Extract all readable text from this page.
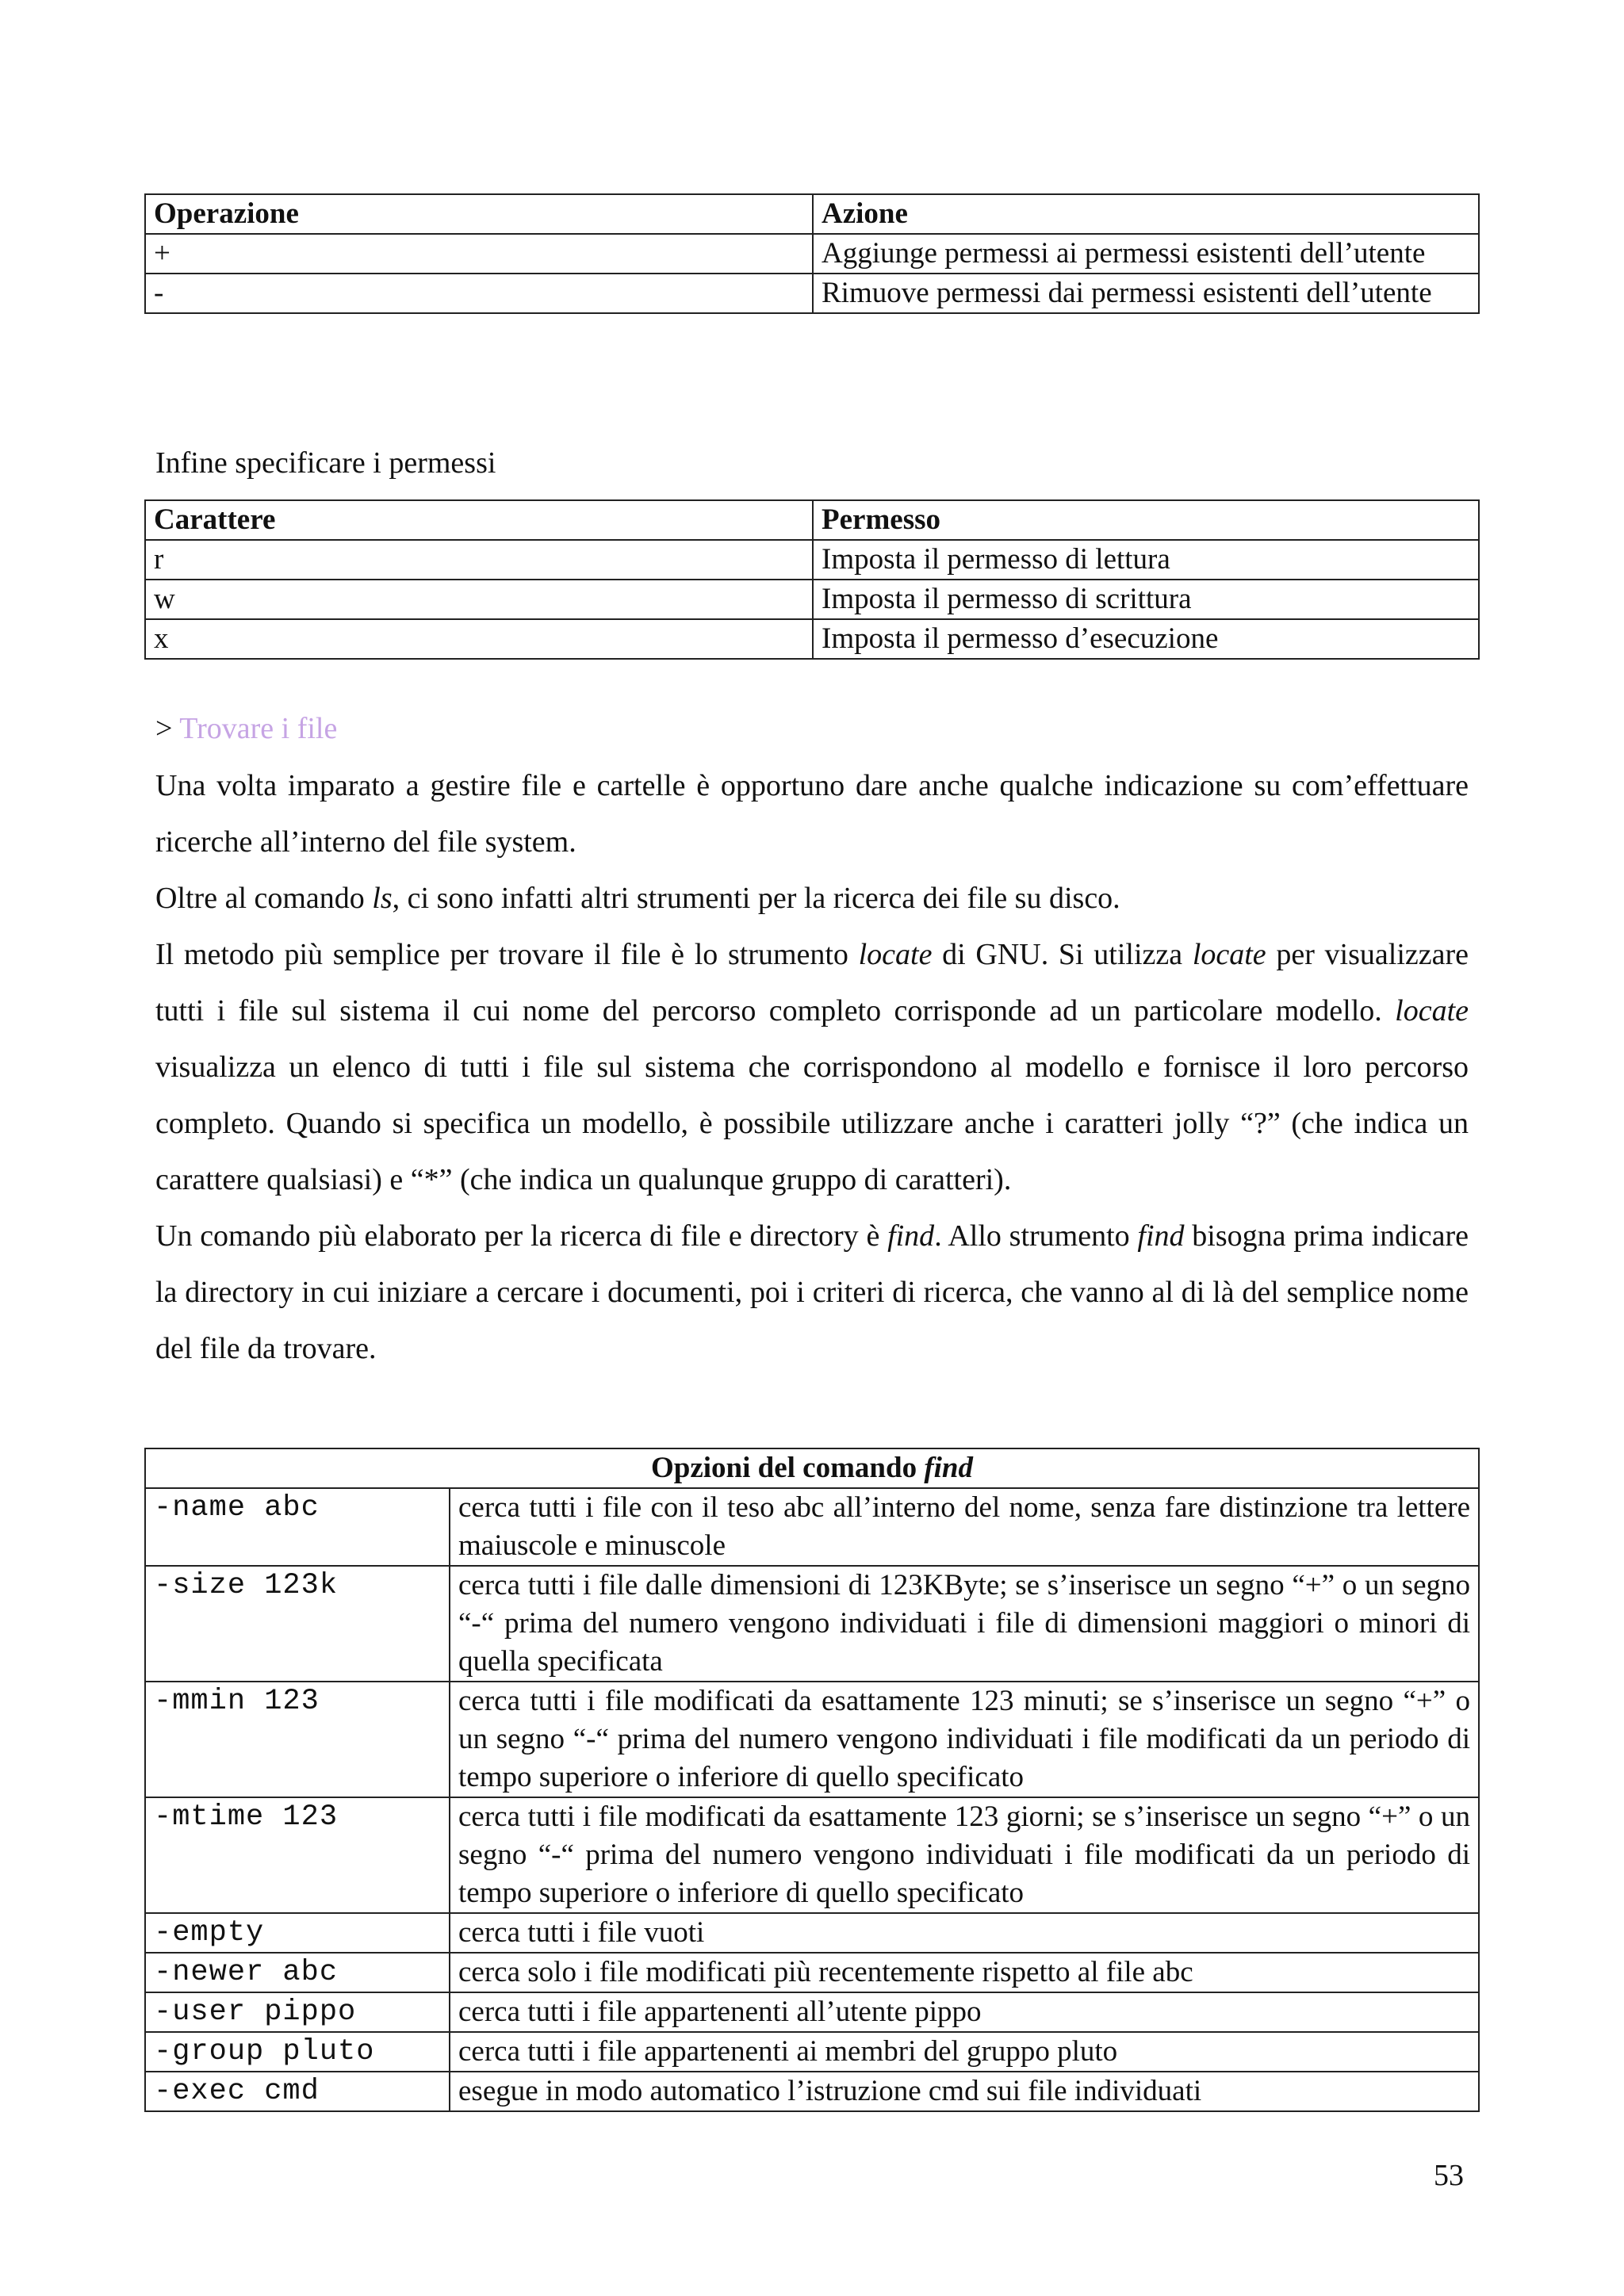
Operazione	Azione
+	Aggiunge permessi ai permessi esistenti dell’utente
-	Rimuove permessi dai permessi esistenti dell’utente

Infine specificare i permessi

Carattere	Permesso
r	Imposta il permesso di lettura
w	Imposta il permesso di scrittura
x	Imposta il permesso d’esecuzione
> Trovare i file

Una volta imparato a gestire file e cartelle è opportuno dare anche qualche indicazione su com’effettuare ricerche all’interno del file system.

Oltre al comando ls, ci sono infatti altri strumenti per la ricerca dei file su disco.

Il metodo più semplice per trovare il file è lo strumento locate di GNU. Si utilizza locate per visualizzare tutti i file sul sistema il cui nome del percorso completo corrisponde ad un particolare modello. locate visualizza un elenco di tutti i file sul sistema che corrispondono al modello e fornisce il loro percorso completo. Quando si specifica un modello, è possibile utilizzare anche i caratteri jolly “?” (che indica un carattere qualsiasi) e “*” (che indica un qualunque gruppo di caratteri).

Un comando più elaborato per la ricerca di file e directory è find. Allo strumento find bisogna prima indicare la directory in cui iniziare a cercare i documenti, poi i criteri di ricerca, che vanno al di là del semplice nome del file da trovare.

Opzioni del comando find	
-name abc	cerca tutti i file con il teso abc all’interno del nome, senza fare distinzione tra lettere maiuscole e minuscole
-size 123k	cerca tutti i file dalle dimensioni di 123KByte; se s’inserisce un segno “+” o un segno “-“ prima del numero vengono individuati i file di dimensioni maggiori o minori di quella specificata
-mmin 123	cerca tutti i file modificati da esattamente 123 minuti; se s’inserisce un segno “+” o un segno “-“ prima del numero vengono individuati i file modificati da un periodo di tempo superiore o inferiore di quello specificato
-mtime 123	cerca tutti i file modificati da esattamente 123 giorni; se s’inserisce un segno “+” o un segno “-“ prima del numero vengono individuati i file modificati da un periodo di tempo superiore o inferiore di quello specificato
-empty	cerca tutti i file vuoti
-newer abc	cerca solo i file modificati più recentemente rispetto al file abc
-user pippo	cerca tutti i file appartenenti all’utente pippo
-group pluto	cerca tutti i file appartenenti ai membri del gruppo pluto
-exec cmd	esegue in modo automatico l’istruzione cmd sui file individuati

53
